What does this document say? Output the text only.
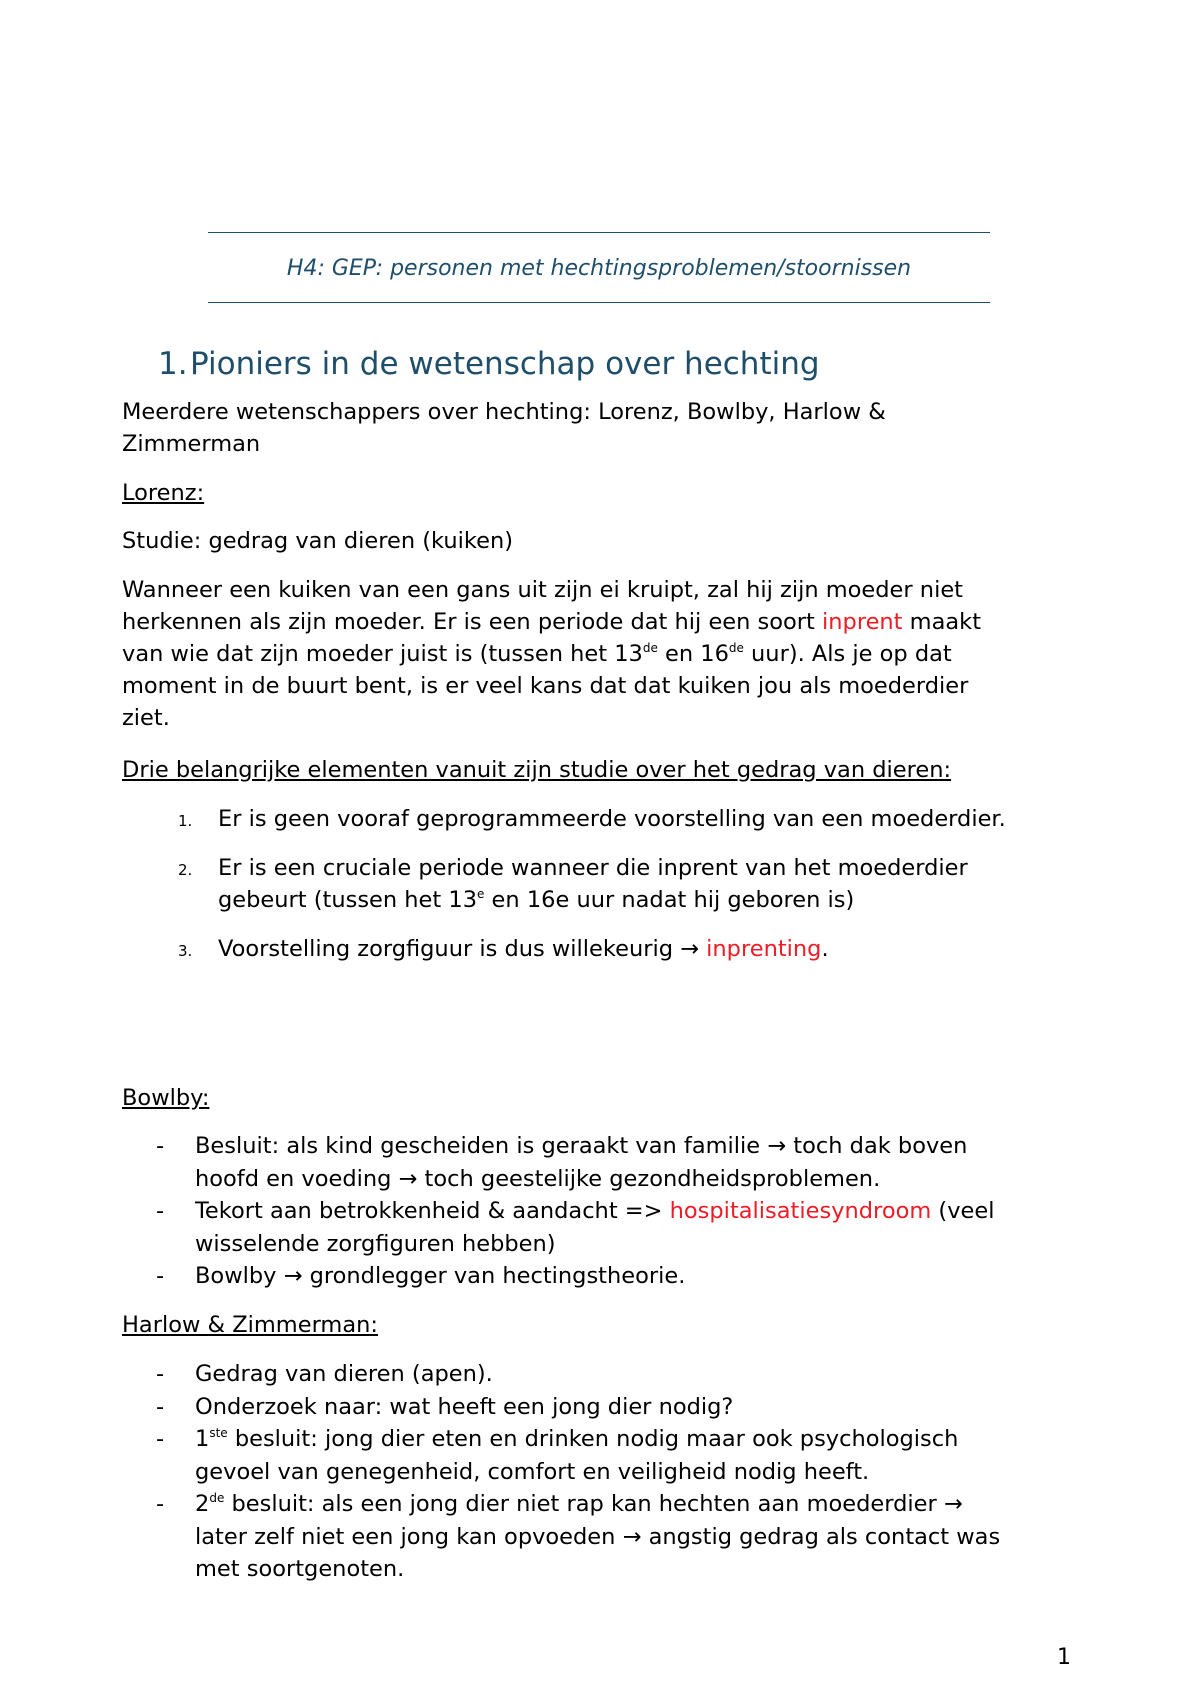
H4: GEP: personen met hechtingsproblemen/stoornissen
1.Pioniers in de wetenschap over hechting
Meerdere wetenschappers over hechting: Lorenz, Bowlby, Harlow &
Zimmerman
Lorenz:
Studie: gedrag van dieren (kuiken)
Wanneer een kuiken van een gans uit zijn ei kruipt, zal hij zijn moeder niet
herkennen als zijn moeder. Er is een periode dat hij een soort inprent maakt
van wie dat zijn moeder juist is (tussen het 13de en 16de uur). Als je op dat
moment in de buurt bent, is er veel kans dat dat kuiken jou als moederdier
ziet.
Drie belangrijke elementen vanuit zijn studie over het gedrag van dieren:
1. Er is geen vooraf geprogrammeerde voorstelling van een moederdier.
2. Er is een cruciale periode wanneer die inprent van het moederdier
gebeurt (tussen het 13e en 16e uur nadat hij geboren is)
3. Voorstelling zorgfiguur is dus willekeurig → inprenting.
Bowlby:
- Besluit: als kind gescheiden is geraakt van familie → toch dak boven
hoofd en voeding → toch geestelijke gezondheidsproblemen.
- Tekort aan betrokkenheid & aandacht => hospitalisatiesyndroom (veel
wisselende zorgfiguren hebben)
- Bowlby → grondlegger van hectingstheorie.
Harlow & Zimmerman:
- Gedrag van dieren (apen).
- Onderzoek naar: wat heeft een jong dier nodig?
- 1ste besluit: jong dier eten en drinken nodig maar ook psychologisch
gevoel van genegenheid, comfort en veiligheid nodig heeft.
- 2de besluit: als een jong dier niet rap kan hechten aan moederdier →
later zelf niet een jong kan opvoeden → angstig gedrag als contact was
met soortgenoten.
1
